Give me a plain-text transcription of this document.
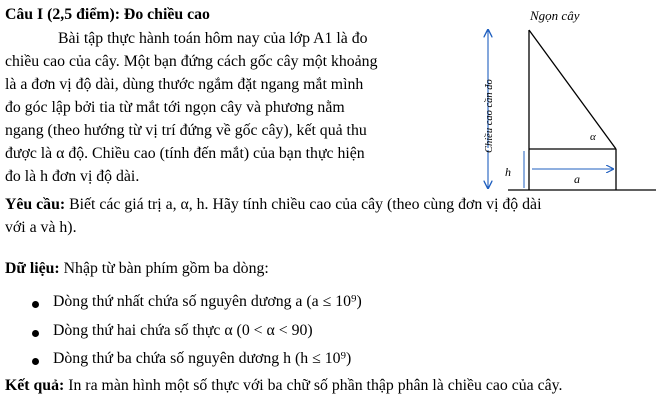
Câu I (2,5 điểm): Đo chiều cao
Bài tập thực hành toán hôm nay của lớp A1 là đo
chiều cao của cây. Một bạn đứng cách gốc cây một khoảng
là a đơn vị độ dài, dùng thước ngắm đặt ngang mắt mình
đo góc lập bởi tia từ mắt tới ngọn cây và phương nằm
ngang (theo hướng từ vị trí đứng về gốc cây), kết quả thu
được là α độ. Chiều cao (tính đến mắt) của bạn thực hiện
đo là h đơn vị độ dài.
Yêu cầu: Biết các giá trị a, α, h. Hãy tính chiều cao của cây (theo cùng đơn vị độ dài
với a và h).
Dữ liệu: Nhập từ bàn phím gồm ba dòng:
Dòng thứ nhất chứa số nguyên dương a (a ≤ 10⁹)
Dòng thứ hai chứa số thực α (0 < α < 90)
Dòng thứ ba chứa số nguyên dương h (h ≤ 10⁹)
Kết quả: In ra màn hình một số thực với ba chữ số phần thập phân là chiều cao của cây.
Ngọn cây
Chiều cao cần đo
h	a
α
